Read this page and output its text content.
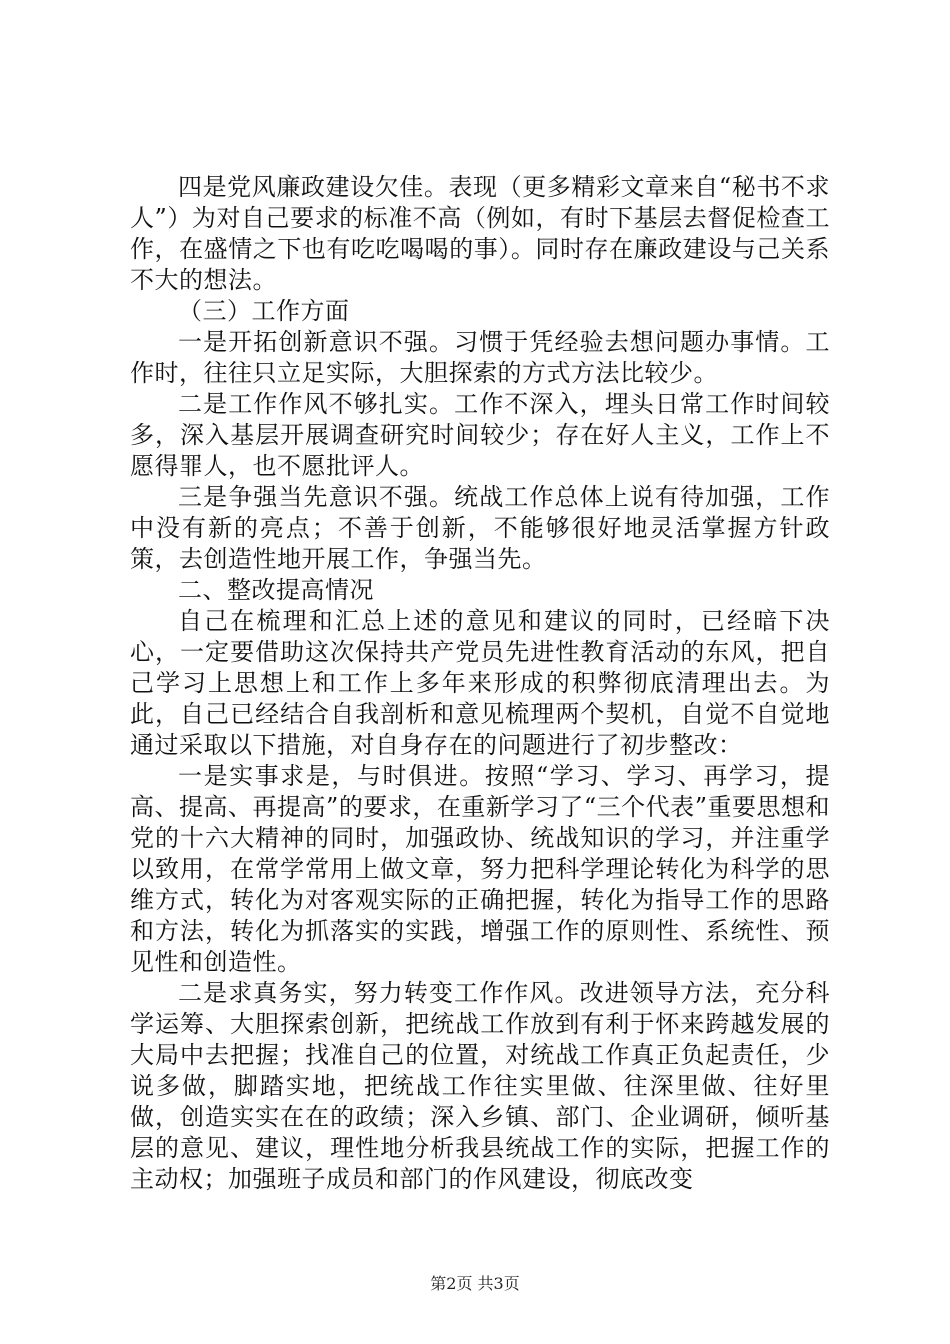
四是党风廉政建设欠佳。表现（更多精彩文章来自“秘书不求人”）为对自己要求的标准不高（例如，有时下基层去督促检查工作，在盛情之下也有吃吃喝喝的事）。同时存在廉政建设与己关系不大的想法。

（三）工作方面

一是开拓创新意识不强。习惯于凭经验去想问题办事情。工作时，往往只立足实际，大胆探索的方式方法比较少。

二是工作作风不够扎实。工作不深入，埋头日常工作时间较多，深入基层开展调查研究时间较少；存在好人主义，工作上不愿得罪人，也不愿批评人。

三是争强当先意识不强。统战工作总体上说有待加强，工作中没有新的亮点；不善于创新，不能够很好地灵活掌握方针政策，去创造性地开展工作，争强当先。

二、整改提高情况

自己在梳理和汇总上述的意见和建议的同时，已经暗下决心，一定要借助这次保持共产党员先进性教育活动的东风，把自己学习上思想上和工作上多年来形成的积弊彻底清理出去。为此，自己已经结合自我剖析和意见梳理两个契机，自觉不自觉地通过采取以下措施，对自身存在的问题进行了初步整改：

一是实事求是，与时俱进。按照“学习、学习、再学习，提高、提高、再提高”的要求，在重新学习了“三个代表”重要思想和党的十六大精神的同时，加强政协、统战知识的学习，并注重学以致用，在常学常用上做文章，努力把科学理论转化为科学的思维方式，转化为对客观实际的正确把握，转化为指导工作的思路和方法，转化为抓落实的实践，增强工作的原则性、系统性、预见性和创造性。

二是求真务实，努力转变工作作风。改进领导方法，充分科学运筹、大胆探索创新，把统战工作放到有利于怀来跨越发展的大局中去把握；找准自己的位置，对统战工作真正负起责任，少说多做，脚踏实地，把统战工作往实里做、往深里做、往好里做，创造实实在在的政绩；深入乡镇、部门、企业调研，倾听基层的意见、建议，理性地分析我县统战工作的实际，把握工作的主动权；加强班子成员和部门的作风建设，彻底改变

第2页 共3页
